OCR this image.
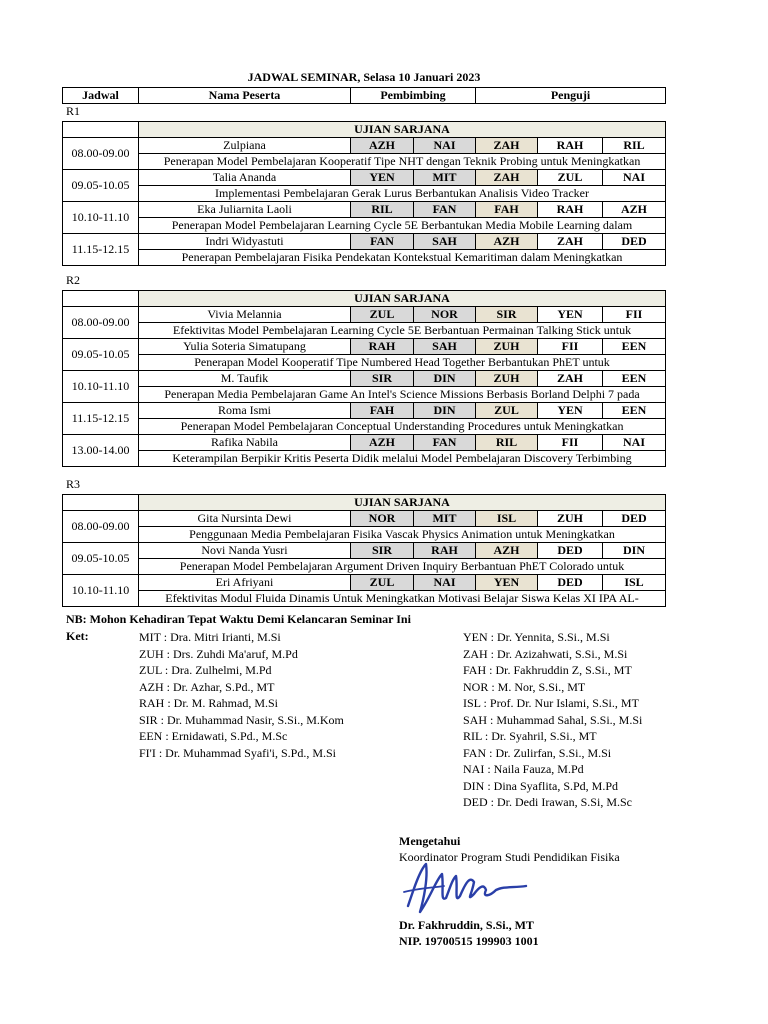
JADWAL SEMINAR, Selasa 10 Januari 2023
Jadwal	Nama Peserta	Pembimbing	Penguji
R1
	UJIAN SARJANA					
08.00-09.00	Zulpiana	AZH	NAI	ZAH	RAH	RIL
	Penerapan Model Pembelajaran Kooperatif Tipe NHT dengan Teknik Probing untuk Meningkatkan					
09.05-10.05	Talia Ananda	YEN	MIT	ZAH	ZUL	NAI
	Implementasi Pembelajaran Gerak Lurus Berbantukan Analisis Video Tracker					
10.10-11.10	Eka Juliarnita Laoli	RIL	FAN	FAH	RAH	AZH
	Penerapan Model Pembelajaran Learning Cycle 5E Berbantukan Media Mobile Learning dalam					
11.15-12.15	Indri Widyastuti	FAN	SAH	AZH	ZAH	DED
	Penerapan Pembelajaran Fisika Pendekatan Kontekstual Kemaritiman dalam Meningkatkan					
R2
	UJIAN SARJANA					
08.00-09.00	Vivia Melannia	ZUL	NOR	SIR	YEN	FII
	Efektivitas Model Pembelajaran Learning Cycle 5E Berbantuan Permainan Talking Stick untuk					
09.05-10.05	Yulia Soteria Simatupang	RAH	SAH	ZUH	FII	EEN
	Penerapan Model Kooperatif Tipe Numbered Head Together Berbantukan PhET untuk					
10.10-11.10	M. Taufik	SIR	DIN	ZUH	ZAH	EEN
	Penerapan Media Pembelajaran Game An Intel's Science Missions Berbasis Borland Delphi 7 pada					
11.15-12.15	Roma Ismi	FAH	DIN	ZUL	YEN	EEN
	Penerapan Model Pembelajaran Conceptual Understanding Procedures untuk Meningkatkan					
13.00-14.00	Rafika Nabila	AZH	FAN	RIL	FII	NAI
	Keterampilan Berpikir Kritis Peserta Didik melalui Model Pembelajaran Discovery Terbimbing					
R3
	UJIAN SARJANA					
08.00-09.00	Gita Nursinta Dewi	NOR	MIT	ISL	ZUH	DED
	Penggunaan Media Pembelajaran Fisika Vascak Physics Animation untuk Meningkatkan					
09.05-10.05	Novi Nanda Yusri	SIR	RAH	AZH	DED	DIN
	Penerapan Model Pembelajaran Argument Driven Inquiry Berbantuan PhET Colorado untuk					
10.10-11.10	Eri Afriyani	ZUL	NAI	YEN	DED	ISL
	Efektivitas Modul Fluida Dinamis Untuk Meningkatkan Motivasi Belajar Siswa Kelas XI IPA AL-					
NB: Mohon Kehadiran Tepat Waktu Demi Kelancaran Seminar Ini
Ket:	MIT : Dra. Mitri Irianti, M.Si
ZUH : Drs. Zuhdi Ma'aruf, M.Pd
ZUL : Dra. Zulhelmi, M.Pd
AZH : Dr. Azhar, S.Pd., MT
RAH : Dr. M. Rahmad, M.Si
SIR : Dr. Muhammad Nasir, S.Si., M.Kom
EEN : Ernidawati, S.Pd., M.Sc
FI'I : Dr. Muhammad Syafi'i, S.Pd., M.Si
YEN : Dr. Yennita, S.Si., M.Si
ZAH : Dr. Azizahwati, S.Si., M.Si
FAH : Dr. Fakhruddin Z, S.Si., MT
NOR : M. Nor, S.Si., MT
ISL : Prof. Dr. Nur Islami, S.Si., MT
SAH : Muhammad Sahal, S.Si., M.Si
RIL : Dr. Syahril, S.Si., MT
FAN : Dr. Zulirfan, S.Si., M.Si
NAI : Naila Fauza, M.Pd
DIN : Dina Syaflita, S.Pd, M.Pd
DED : Dr. Dedi Irawan, S.Si, M.Sc
Mengetahui
Koordinator Program Studi Pendidikan Fisika
Dr. Fakhruddin, S.Si., MT
NIP. 19700515 199903 1001
